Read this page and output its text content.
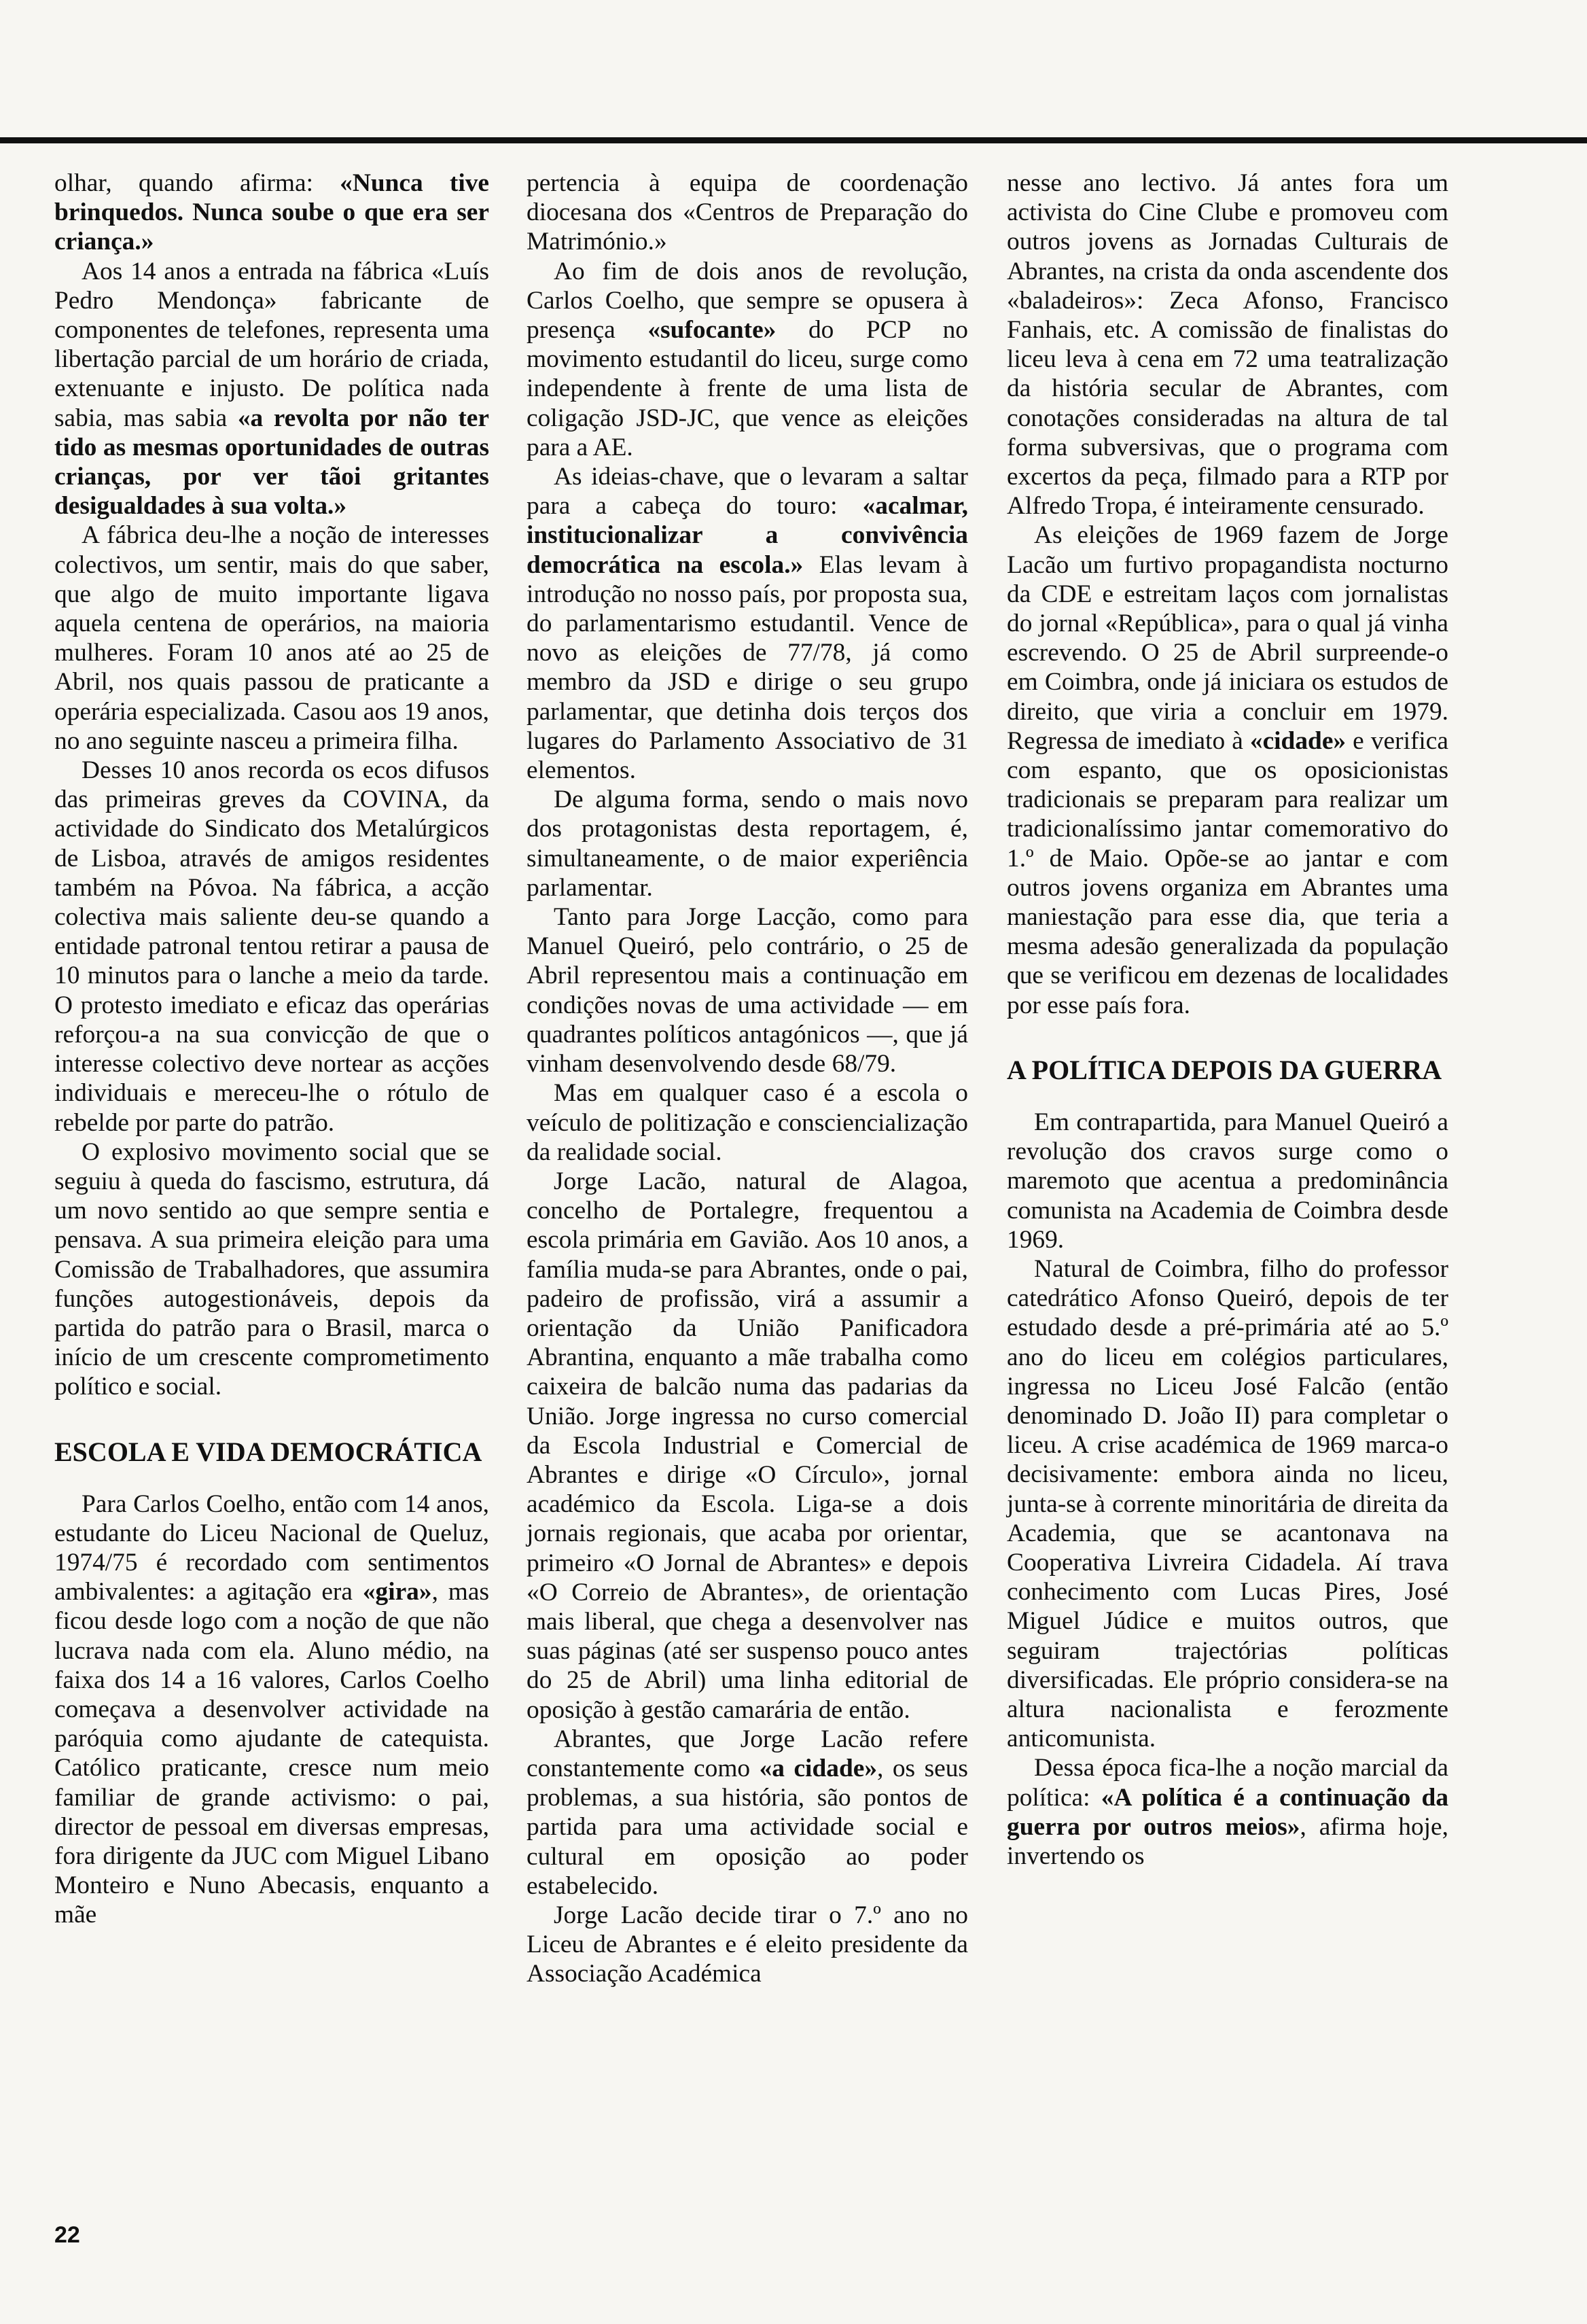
olhar, quando afirma: «Nunca tive brinquedos. Nunca soube o que era ser criança.»

Aos 14 anos a entrada na fábrica «Luís Pedro Mendonça» fabricante de componentes de telefones, representa uma libertação parcial de um horário de criada, extenuante e injusto. De política nada sabia, mas sabia «a revolta por não ter tido as mesmas oportunidades de outras crianças, por ver tãoi gritantes desigualdades à sua volta.»

A fábrica deu-lhe a noção de interesses colectivos, um sentir, mais do que saber, que algo de muito importante ligava aquela centena de operários, na maioria mulheres. Foram 10 anos até ao 25 de Abril, nos quais passou de praticante a operária especializada. Casou aos 19 anos, no ano seguinte nasceu a primeira filha.

Desses 10 anos recorda os ecos difusos das primeiras greves da COVINA, da actividade do Sindicato dos Metalúrgicos de Lisboa, através de amigos residentes também na Póvoa. Na fábrica, a acção colectiva mais saliente deu-se quando a entidade patronal tentou retirar a pausa de 10 minutos para o lanche a meio da tarde. O protesto imediato e eficaz das operárias reforçou-a na sua convicção de que o interesse colectivo deve nortear as acções individuais e mereceu-lhe o rótulo de rebelde por parte do patrão.

O explosivo movimento social que se seguiu à queda do fascismo, estrutura, dá um novo sentido ao que sempre sentia e pensava. A sua primeira eleição para uma Comissão de Trabalhadores, que assumira funções autogestionáveis, depois da partida do patrão para o Brasil, marca o início de um crescente comprometimento político e social.

ESCOLA E VIDA DEMOCRÁTICA

Para Carlos Coelho, então com 14 anos, estudante do Liceu Nacional de Queluz, 1974/75 é recordado com sentimentos ambivalentes: a agitação era «gira», mas ficou desde logo com a noção de que não lucrava nada com ela. Aluno médio, na faixa dos 14 a 16 valores, Carlos Coelho começava a desenvolver actividade na paróquia como ajudante de catequista. Católico praticante, cresce num meio familiar de grande activismo: o pai, director de pessoal em diversas empresas, fora dirigente da JUC com Miguel Libano Monteiro e Nuno Abecasis, enquanto a mãe

pertencia à equipa de coordenação diocesana dos «Centros de Preparação do Matrimónio.»

Ao fim de dois anos de revolução, Carlos Coelho, que sempre se opusera à presença «sufocante» do PCP no movimento estudantil do liceu, surge como independente à frente de uma lista de coligação JSD-JC, que vence as eleições para a AE.

As ideias-chave, que o levaram a saltar para a cabeça do touro: «acalmar, institucionalizar a convivência democrática na escola.» Elas levam à introdução no nosso país, por proposta sua, do parlamentarismo estudantil. Vence de novo as eleições de 77/78, já como membro da JSD e dirige o seu grupo parlamentar, que detinha dois terços dos lugares do Parlamento Associativo de 31 elementos.

De alguma forma, sendo o mais novo dos protagonistas desta reportagem, é, simultaneamente, o de maior experiência parlamentar.

Tanto para Jorge Lacção, como para Manuel Queiró, pelo contrário, o 25 de Abril representou mais a continuação em condições novas de uma actividade — em quadrantes políticos antagónicos —, que já vinham desenvolvendo desde 68/79.

Mas em qualquer caso é a escola o veículo de politização e consciencialização da realidade social.

Jorge Lacão, natural de Alagoa, concelho de Portalegre, frequentou a escola primária em Gavião. Aos 10 anos, a família muda-se para Abrantes, onde o pai, padeiro de profissão, virá a assumir a orientação da União Panificadora Abrantina, enquanto a mãe trabalha como caixeira de balcão numa das padarias da União. Jorge ingressa no curso comercial da Escola Industrial e Comercial de Abrantes e dirige «O Círculo», jornal académico da Escola. Liga-se a dois jornais regionais, que acaba por orientar, primeiro «O Jornal de Abrantes» e depois «O Correio de Abrantes», de orientação mais liberal, que chega a desenvolver nas suas páginas (até ser suspenso pouco antes do 25 de Abril) uma linha editorial de oposição à gestão camarária de então.

Abrantes, que Jorge Lacão refere constantemente como «a cidade», os seus problemas, a sua história, são pontos de partida para uma actividade social e cultural em oposição ao poder estabelecido.

Jorge Lacão decide tirar o 7.º ano no Liceu de Abrantes e é eleito presidente da Associação Académica

nesse ano lectivo. Já antes fora um activista do Cine Clube e promoveu com outros jovens as Jornadas Culturais de Abrantes, na crista da onda ascendente dos «baladeiros»: Zeca Afonso, Francisco Fanhais, etc. A comissão de finalistas do liceu leva à cena em 72 uma teatralização da história secular de Abrantes, com conotações consideradas na altura de tal forma subversivas, que o programa com excertos da peça, filmado para a RTP por Alfredo Tropa, é inteiramente censurado.

As eleições de 1969 fazem de Jorge Lacão um furtivo propagandista nocturno da CDE e estreitam laços com jornalistas do jornal «República», para o qual já vinha escrevendo. O 25 de Abril surpreende-o em Coimbra, onde já iniciara os estudos de direito, que viria a concluir em 1979. Regressa de imediato à «cidade» e verifica com espanto, que os oposicionistas tradicionais se preparam para realizar um tradicionalíssimo jantar comemorativo do 1.º de Maio. Opõe-se ao jantar e com outros jovens organiza em Abrantes uma maniestação para esse dia, que teria a mesma adesão generalizada da população que se verificou em dezenas de localidades por esse país fora.

A POLÍTICA DEPOIS DA GUERRA

Em contrapartida, para Manuel Queiró a revolução dos cravos surge como o maremoto que acentua a predominância comunista na Academia de Coimbra desde 1969.

Natural de Coimbra, filho do professor catedrático Afonso Queiró, depois de ter estudado desde a pré-primária até ao 5.º ano do liceu em colégios particulares, ingressa no Liceu José Falcão (então denominado D. João II) para completar o liceu. A crise académica de 1969 marca-o decisivamente: embora ainda no liceu, junta-se à corrente minoritária de direita da Academia, que se acantonava na Cooperativa Livreira Cidadela. Aí trava conhecimento com Lucas Pires, José Miguel Júdice e muitos outros, que seguiram trajectórias políticas diversificadas. Ele próprio considera-se na altura nacionalista e ferozmente anticomunista.

Dessa época fica-lhe a noção marcial da política: «A política é a continuação da guerra por outros meios», afirma hoje, invertendo os

22
